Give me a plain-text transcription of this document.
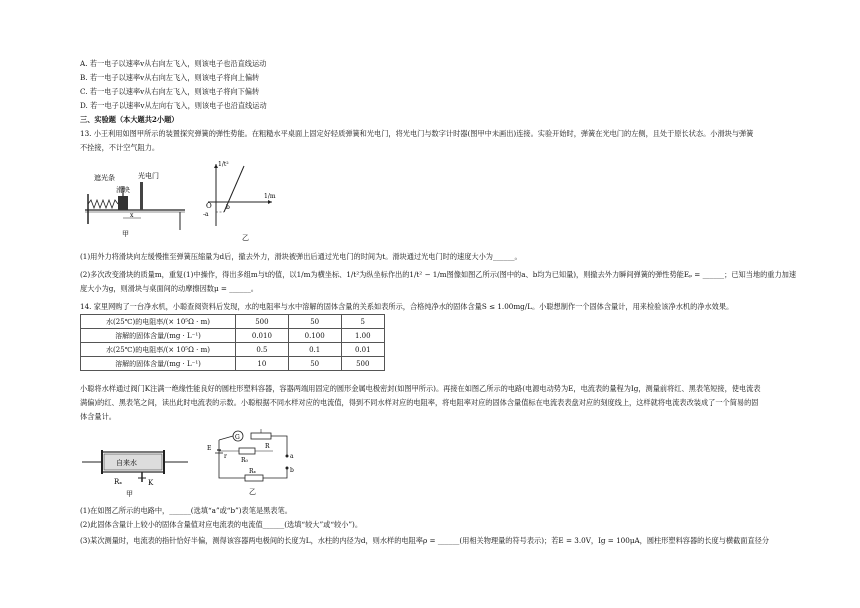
A. 若一电子以速率v从右向左飞入，则该电子也沿直线运动
B. 若一电子以速率v从右向左飞入，则该电子将向上偏转
C. 若一电子以速率v从右向左飞入，则该电子将向下偏转
D. 若一电子以速率v从左向右飞入，则该电子也沿直线运动
三、实验题（本大题共2小题）
13. 小王利用如图甲所示的装置探究弹簧的弹性势能。在粗糙水平桌面上固定好轻质弹簧和光电门，将光电门与数字计时器(图甲中未画出)连接。实验开始时，弹簧在光电门的左侧，且处于原长状态。小滑块与弹簧
不拴接，不计空气阻力。
遮光条	光电门
滑块
x
甲
1/t²
1/m
O b
-a
乙
(1)用外力将滑块向左缓慢推至弹簧压缩量为d后，撤去外力，滑块被弹出后通过光电门的时间为t。滑块通过光电门时的速度大小为______。
(2)多次改变滑块的质量m，重复(1)中操作，得出多组m与t的值，以1/m为横坐标、1/t²为纵坐标作出的1/t² − 1/m图像如图乙所示(图中的a、b均为已知量)，则撤去外力瞬间弹簧的弹性势能Eₚ = ______；已知当地的重力加速
度大小为g，则滑块与桌面间的动摩擦因数μ = ______。
14. 家里网购了一台净水机，小聪查阅资料后发现，水的电阻率与水中溶解的固体含量的关系如表所示，合格纯净水的固体含量S ≤ 1.00mg/L。小聪想制作一个固体含量计，用来检验该净水机的净水效果。
水(25℃)的电阻率/(× 10⁵Ω · m)	500	50	5
溶解的固体含量/(mg · L⁻¹)	0.010	0.100	1.00
水(25℃)的电阻率/(× 10⁵Ω · m)	0.5	0.1	0.01
溶解的固体含量/(mg · L⁻¹)	10	50	500
小聪将水样通过阀门K注满一绝缘性能良好的圆柱形塑料容器，容器两端用固定的圆形金属电极密封(如图甲所示)。再接在如图乙所示的电路(电源电动势为E，电流表的量程为Ig，测量前将红、黑表笔短接，使电流表
满偏)的红、黑表笔之间，读出此时电流表的示数。小聪根据不同水样对应的电流值，得到不同水样对应的电阻率，将电阻率对应的固体含量值标在电流表表盘对应的刻度线上，这样就将电流表改装成了一个简易的固
体含量计。
自来水
K
Rₓ
甲
G
E
r
R₀
R
a
b
Rₓ
乙
(1)在如图乙所示的电路中，______(选填“a”或“b”)表笔是黑表笔。
(2)此固体含量计上较小的固体含量值对应电流表的电流值______(选填“较大”或“较小”)。
(3)某次测量时，电流表的指针恰好半偏，测得该容器两电极间的长度为L，水柱的内径为d，则水样的电阻率ρ = ______(用相关物理量的符号表示)；若E = 3.0V，Ig = 100μA，圆柱形塑料容器的长度与横截面直径分
